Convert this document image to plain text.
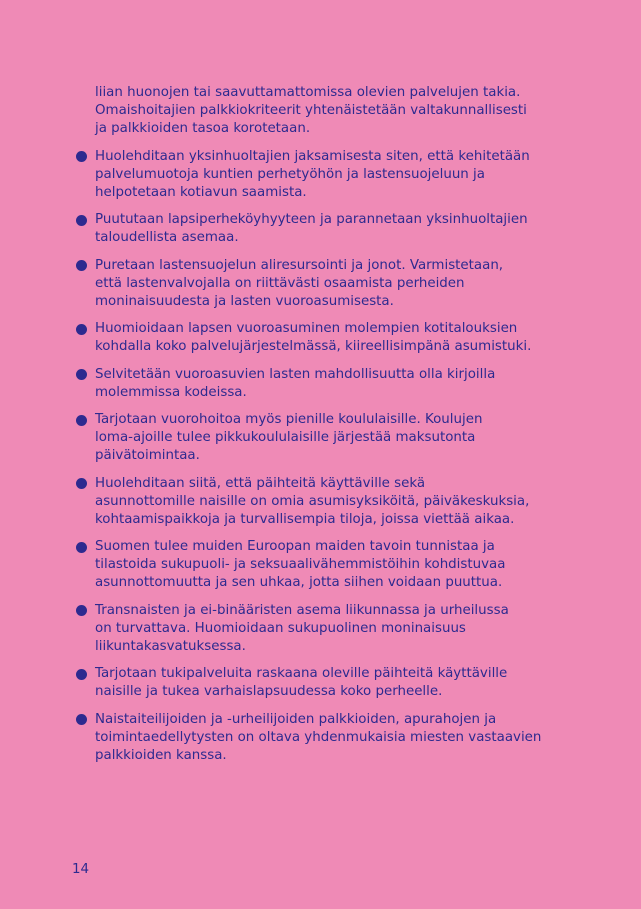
liian huonojen tai saavuttamattomissa olevien palvelujen takia.
Omaishoitajien palkkiokriteerit yhtenäistetään valtakunnallisesti
ja palkkioiden tasoa korotetaan.
Huolehditaan yksinhuoltajien jaksamisesta siten, että kehitetään
palvelumuotoja kuntien perhetyöhön ja lastensuojeluun ja
helpotetaan kotiavun saamista.
Puututaan lapsiperheköyhyyteen ja parannetaan yksinhuoltajien
taloudellista asemaa.
Puretaan lastensuojelun aliresursointi ja jonot. Varmistetaan,
että lastenvalvojalla on riittävästi osaamista perheiden
moninaisuudesta ja lasten vuoroasumisesta.
Huomioidaan lapsen vuoroasuminen molempien kotitalouksien
kohdalla koko palvelujärjestelmässä, kiireellisimpänä asumistuki.
Selvitetään vuoroasuvien lasten mahdollisuutta olla kirjoilla
molemmissa kodeissa.
Tarjotaan vuorohoitoa myös pienille koululaisille. Koulujen
loma-ajoille tulee pikkukoululaisille järjestää maksutonta
päivätoimintaa.
Huolehditaan siitä, että päihteitä käyttäville sekä
asunnottomille naisille on omia asumisyksiköitä, päiväkeskuksia,
kohtaamispaikkoja ja turvallisempia tiloja, joissa viettää aikaa.
Suomen tulee muiden Euroopan maiden tavoin tunnistaa ja
tilastoida sukupuoli- ja seksuaalivähemmistöihin kohdistuvaa
asunnottomuutta ja sen uhkaa, jotta siihen voidaan puuttua.
Transnaisten ja ei-binääristen asema liikunnassa ja urheilussa
on turvattava. Huomioidaan sukupuolinen moninaisuus
liikuntakasvatuksessa.
Tarjotaan tukipalveluita raskaana oleville päihteitä käyttäville
naisille ja tukea varhaislapsuudessa koko perheelle.
Naistaiteilijoiden ja -urheilijoiden palkkioiden, apurahojen ja
toimintaedellytysten on oltava yhdenmukaisia miesten vastaavien
palkkioiden kanssa.
14
